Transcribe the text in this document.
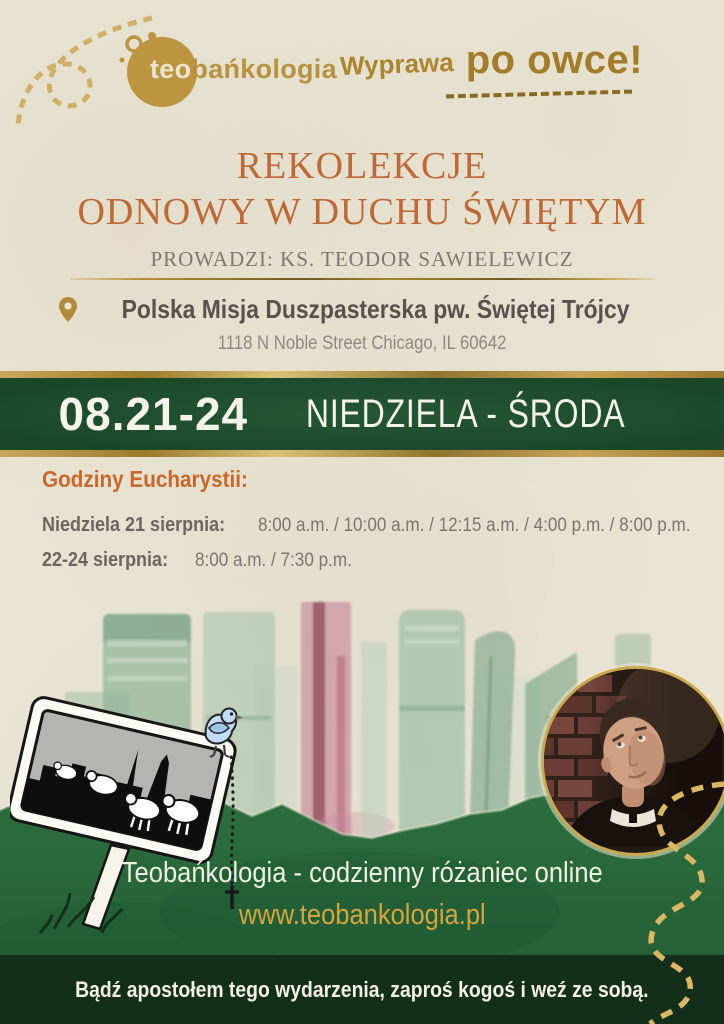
teobańkologia Wyprawa po owce!
REKOLEKCJE
ODNOWY W DUCHU ŚWIĘTYM
PROWADZI: KS. TEODOR SAWIELEWICZ
Polska Misja Duszpasterska pw. Świętej Trójcy
1118 N Noble Street Chicago, IL 60642
08.21-24 NIEDZIELA - ŚRODA
Godziny Eucharystii:
Niedziela 21 sierpnia: 8:00 a.m. / 10:00 a.m. / 12:15 a.m. / 4:00 p.m. / 8:00 p.m.
22-24 sierpnia: 8:00 a.m. / 7:30 p.m.
Teobańkologia - codzienny różaniec online
www.teobankologia.pl
Bądź apostołem tego wydarzenia, zaproś kogoś i weź ze sobą.
